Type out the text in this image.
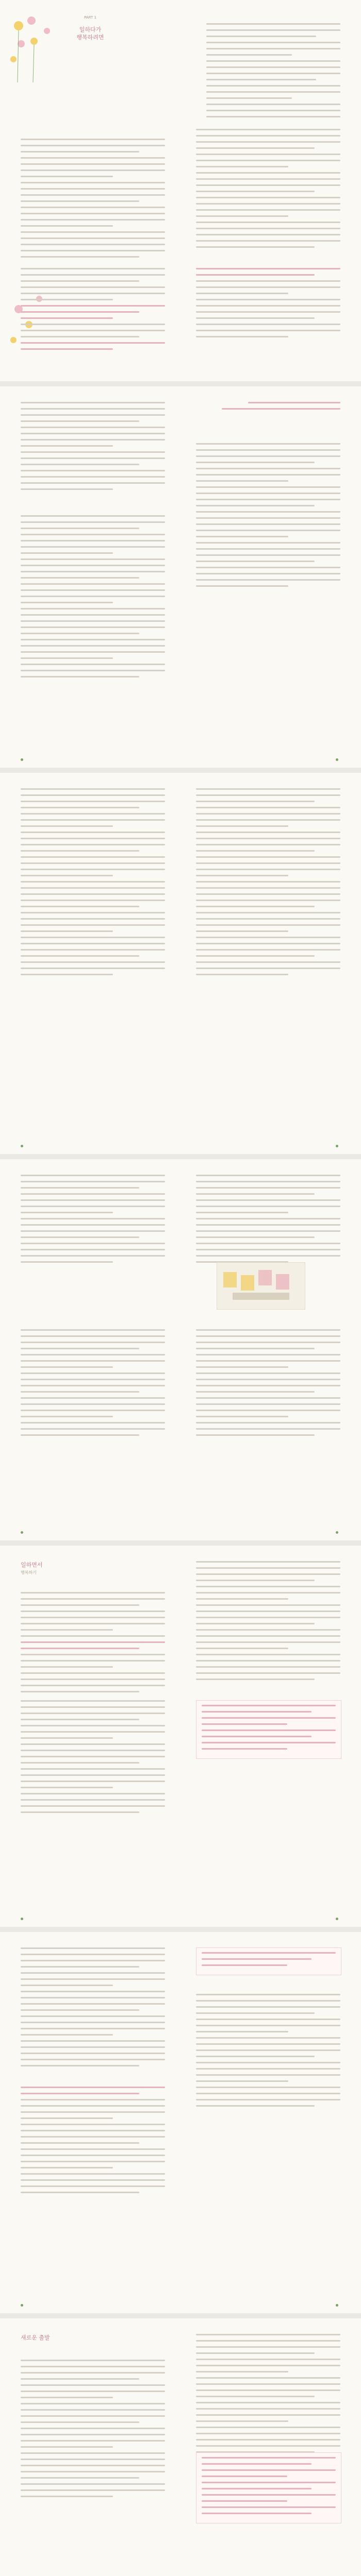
PART 1
일하다가
행복하려면

일하면서
행복하기
새로운 출발
